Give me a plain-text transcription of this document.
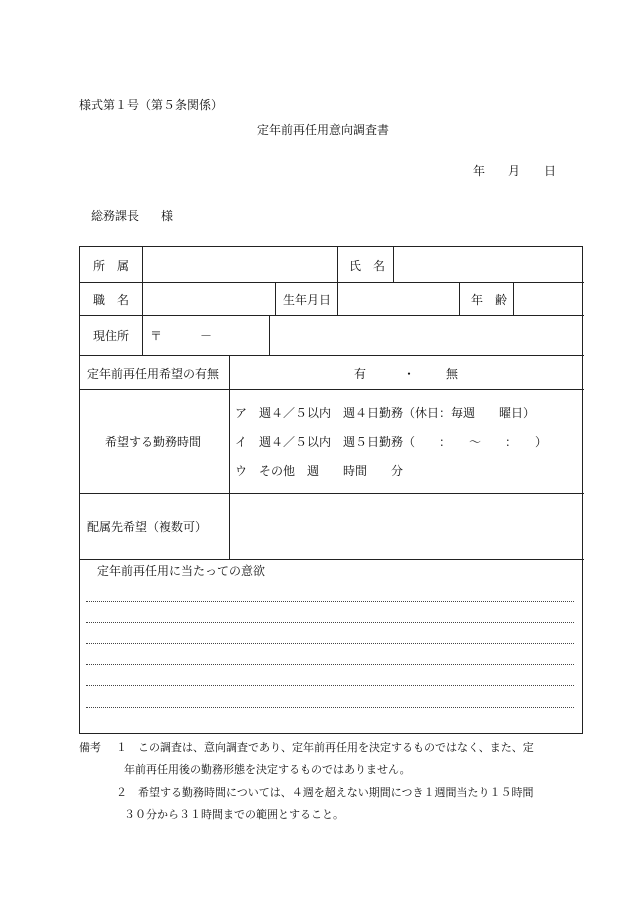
様式第１号（第５条関係）
定年前再任用意向調査書
年 月 日
総務課長 様
所　属	氏　名
職　名	生年月日	年　齢
現住所 〒	－
定年前再任用希望の有無	有	・	無
希望する勤務時間
ア　週４／５以内　週４日勤務（休日：毎週　　曜日）
イ　週４／５以内　週５日勤務（　　：　　〜　　：　　）
ウ　その他　週　　時間　　分
配属先希望（複数可）
定年前再任用に当たっての意欲
備考 １ この調査は、意向調査であり、定年前再任用を決定するものではなく、また、定
年前再任用後の勤務形態を決定するものではありません。
２ 希望する勤務時間については、４週を超えない期間につき１週間当たり１５時間
３０分から３１時間までの範囲とすること。
